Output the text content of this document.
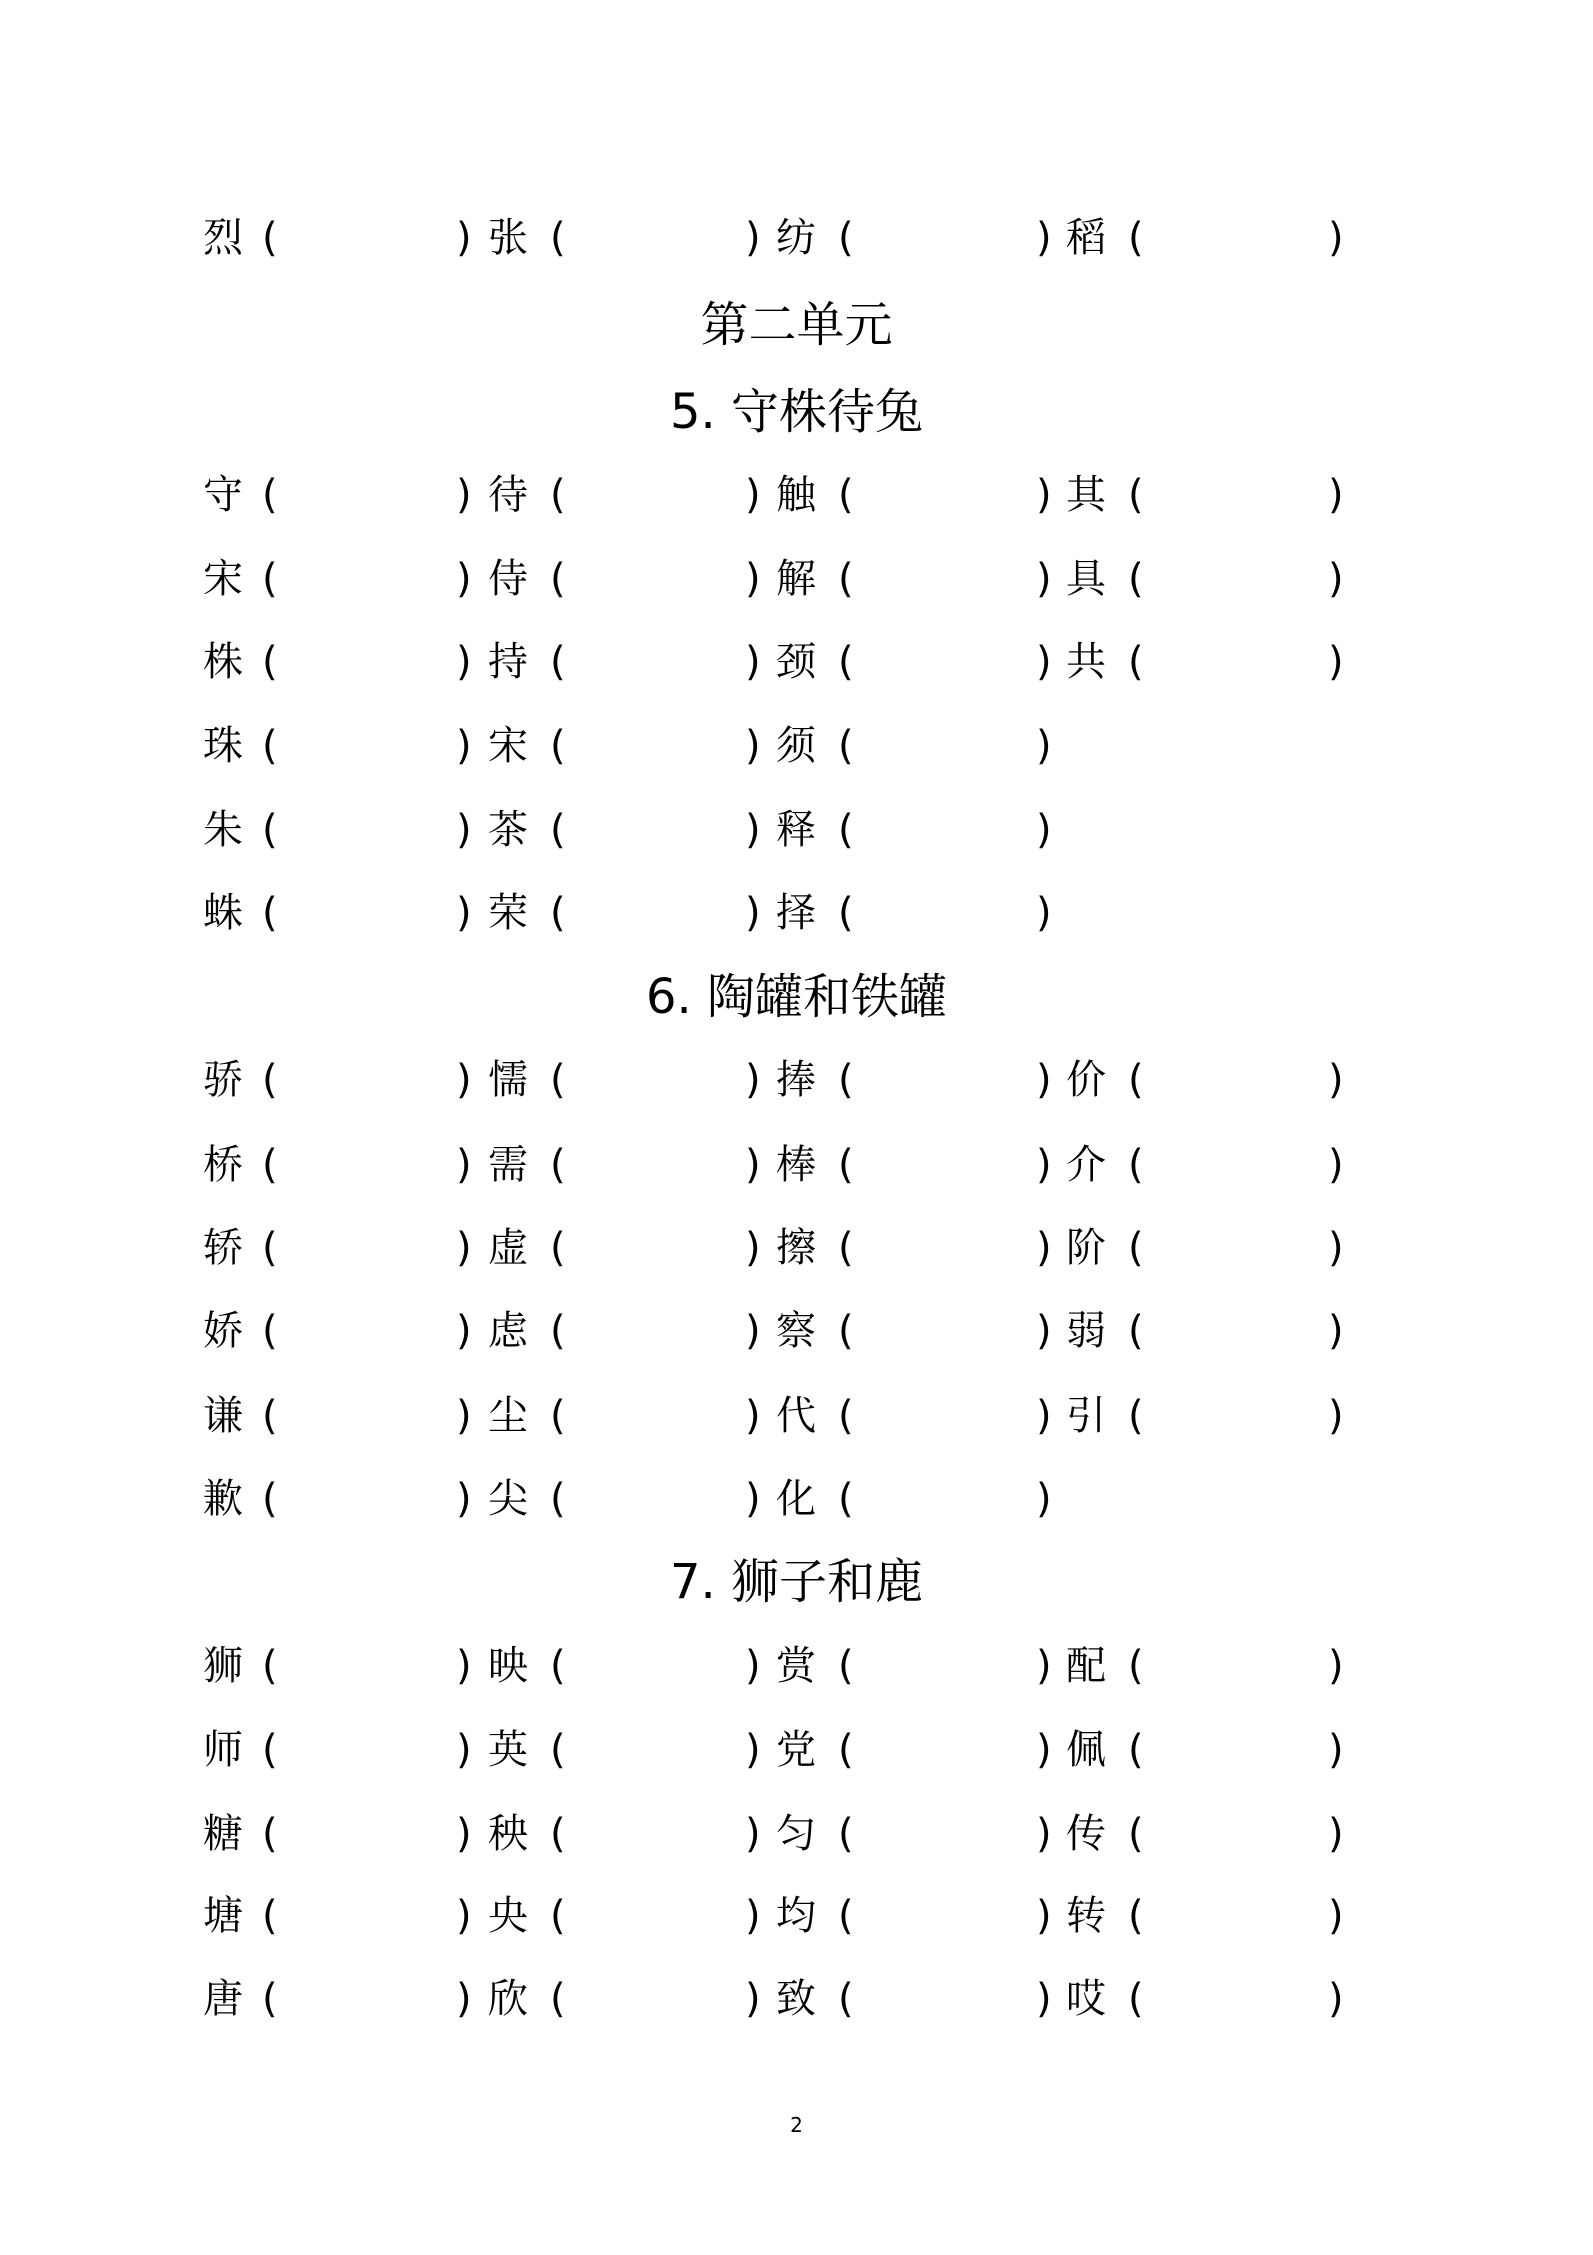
烈 (	) 张 (	) 纺 (	) 稻 (	)
第二单元
5. 守株待兔
守 (	) 待 (	) 触 (	) 其 (	)
宋 (	) 侍 (	) 解 (	) 具 (	)
株 (	) 持 (	) 颈 (	) 共 (	)
珠 (	) 宋 (	) 须 (	)
朱 (	) 茶 (	) 释 (	)
蛛 (	) 荣 (	) 择 (	)
6. 陶罐和铁罐
骄 (	) 懦 (	) 捧 (	) 价 (	)
桥 (	) 需 (	) 棒 (	) 介 (	)
轿 (	) 虚 (	) 擦 (	) 阶 (	)
娇 (	) 虑 (	) 察 (	) 弱 (	)
谦 (	) 尘 (	) 代 (	) 引 (	)
歉 (	) 尖 (	) 化 (	)
7. 狮子和鹿
狮 (	) 映 (	) 赏 (	) 配 (	)
师 (	) 英 (	) 党 (	) 佩 (	)
糖 (	) 秧 (	) 匀 (	) 传 (	)
塘 (	) 央 (	) 均 (	) 转 (	)
唐 (	) 欣 (	) 致 (	) 哎 (	)
2
